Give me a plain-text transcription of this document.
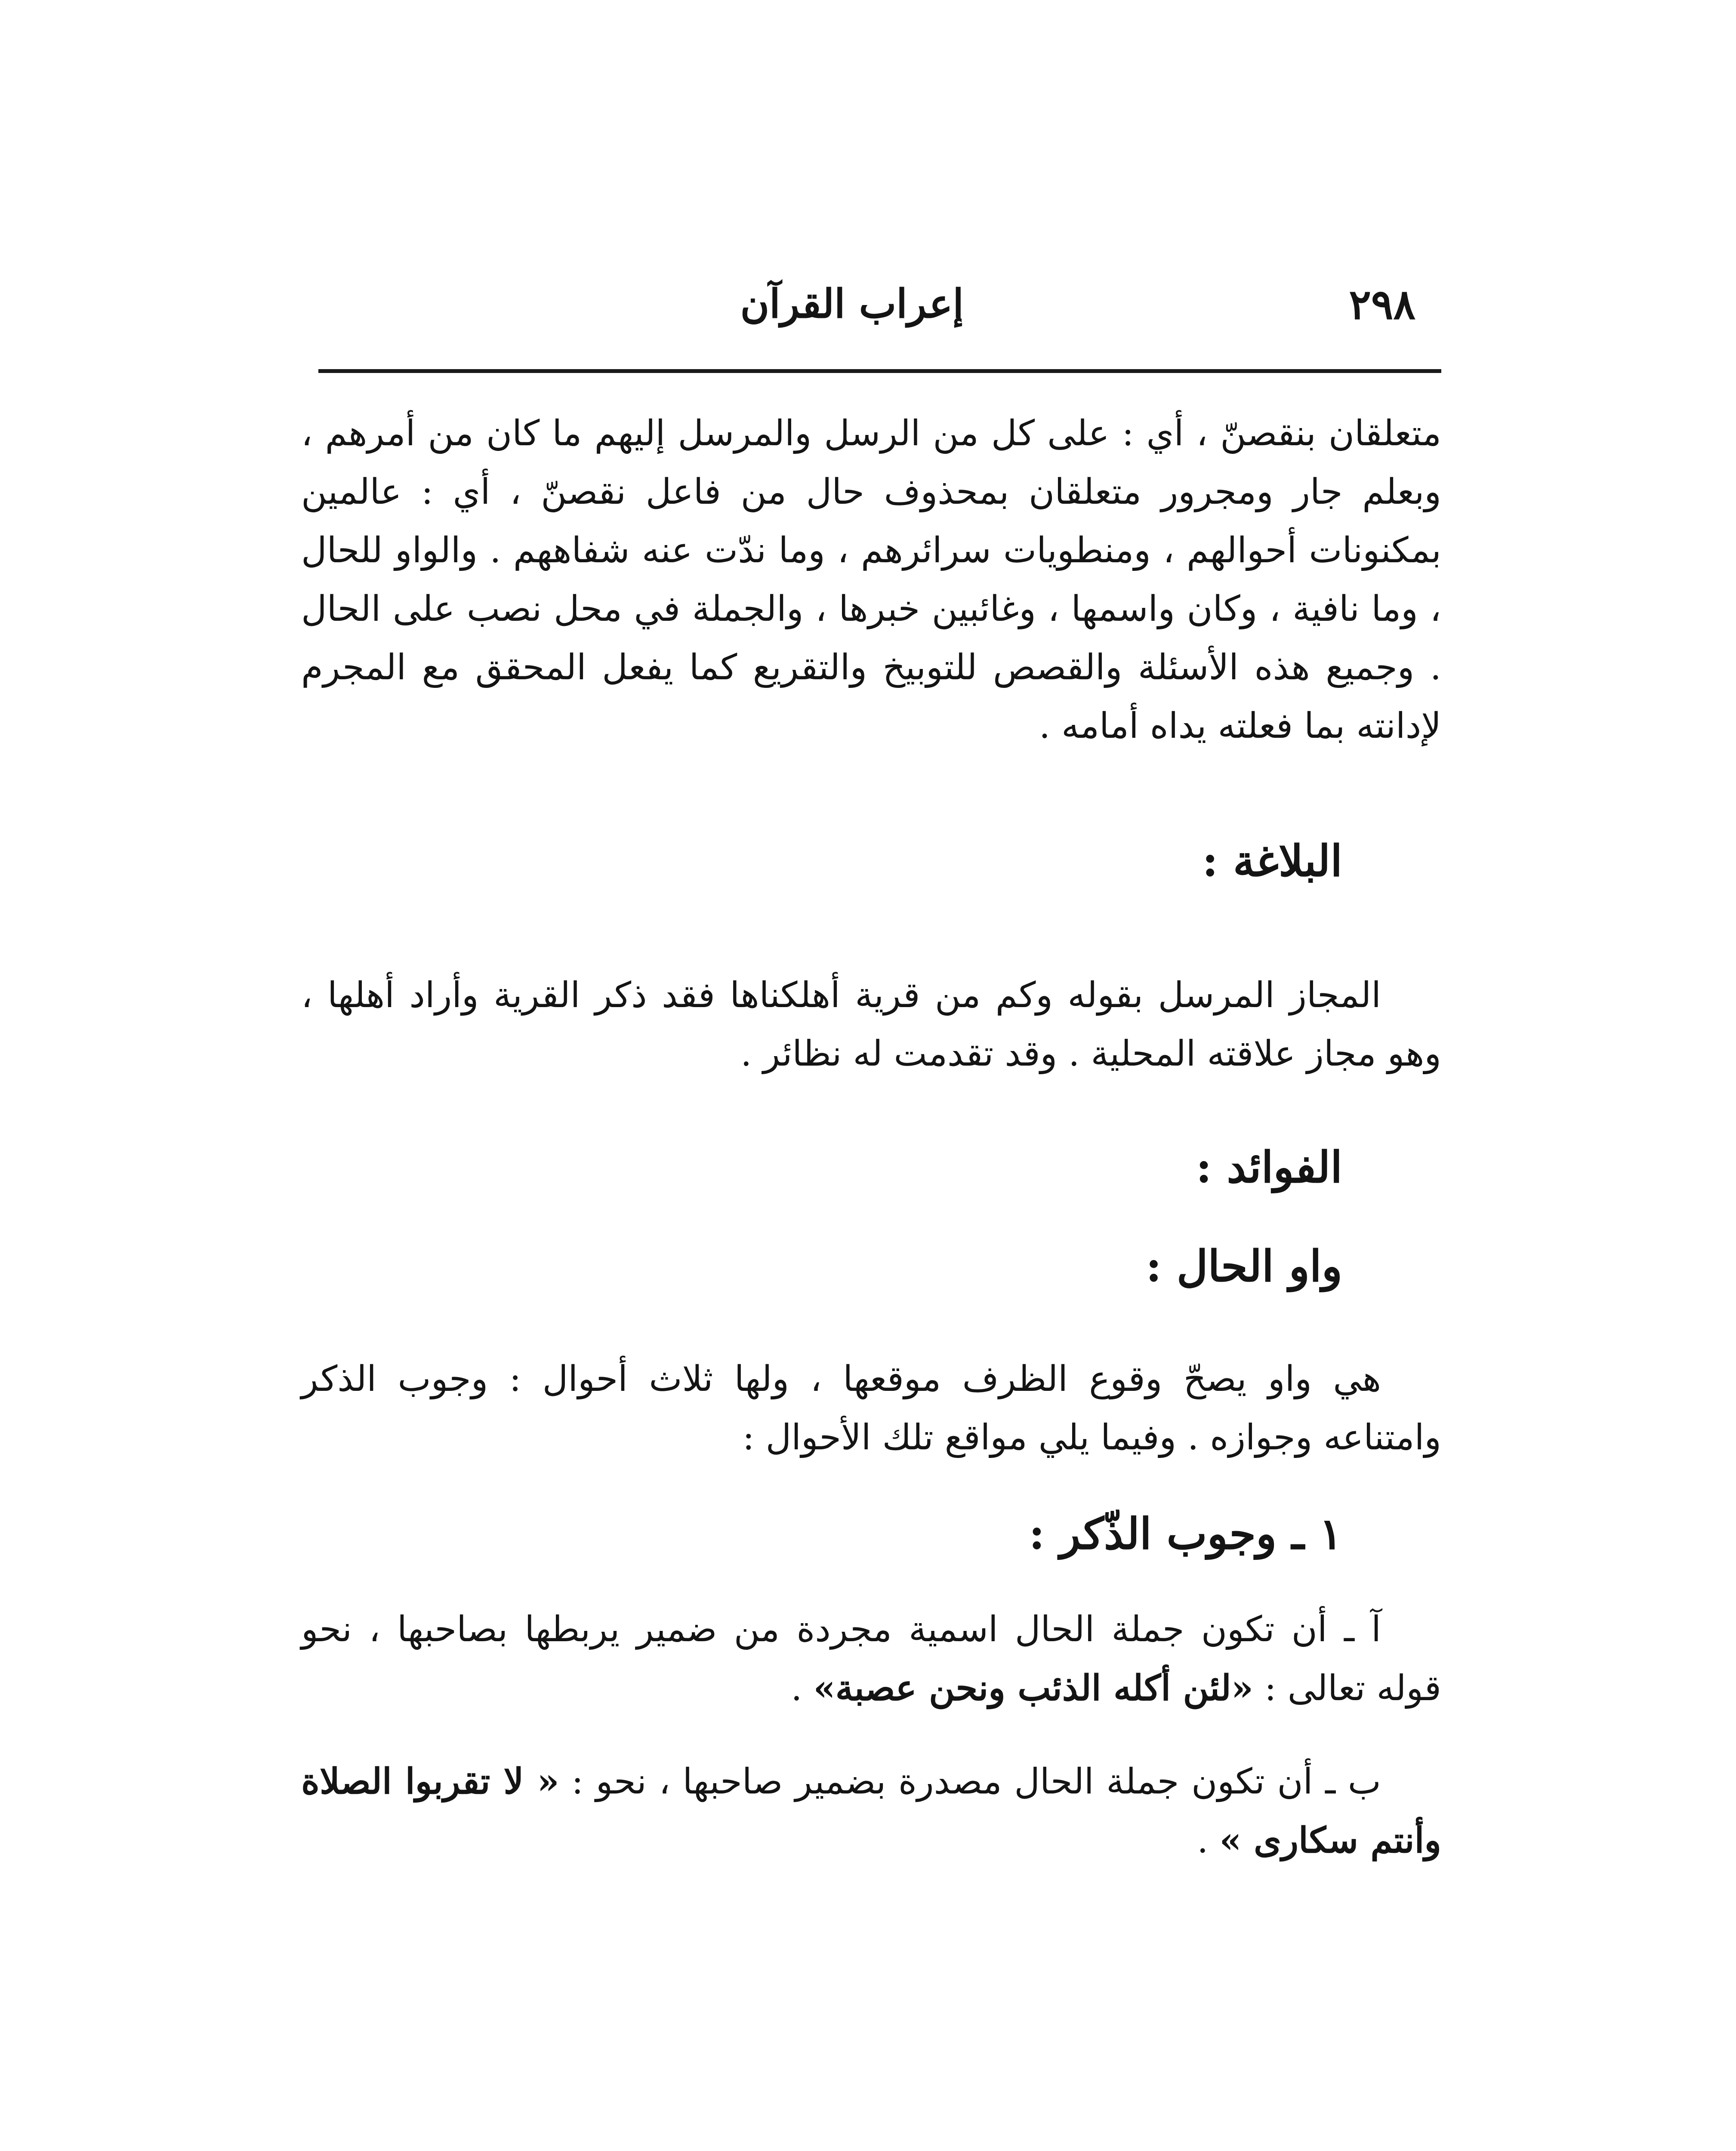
٢٩٨
إعراب القرآن

متعلقان بنقصنّ ، أي : على كل من الرسل والمرسل إليهم ما كان من أمرهم ، وبعلم جار ومجرور متعلقان بمحذوف حال من فاعل نقصنّ ، أي : عالمين بمكنونات أحوالهم ، ومنطويات سرائرهم ، وما ندّت عنه شفاههم . والواو للحال ، وما نافية ، وكان واسمها ، وغائبين خبرها ، والجملة في محل نصب على الحال . وجميع هذه الأسئلة والقصص للتوبيخ والتقريع كما يفعل المحقق مع المجرم لإدانته بما فعلته يداه أمامه .

البلاغة :

المجاز المرسل بقوله وكم من قرية أهلكناها فقد ذكر القرية وأراد أهلها ، وهو مجاز علاقته المحلية . وقد تقدمت له نظائر .

الفوائد :
واو الحال :

هي واو يصحّ وقوع الظرف موقعها ، ولها ثلاث أحوال : وجوب الذكر وامتناعه وجوازه . وفيما يلي مواقع تلك الأحوال :

١ ـ وجوب الذّكر :

آ ـ أن تكون جملة الحال اسمية مجردة من ضمير يربطها بصاحبها ، نحو قوله تعالى : «لئن أكله الذئب ونحن عصبة» .

ب ـ أن تكون جملة الحال مصدرة بضمير صاحبها ، نحو : « لا تقربوا الصلاة وأنتم سكارى » .
